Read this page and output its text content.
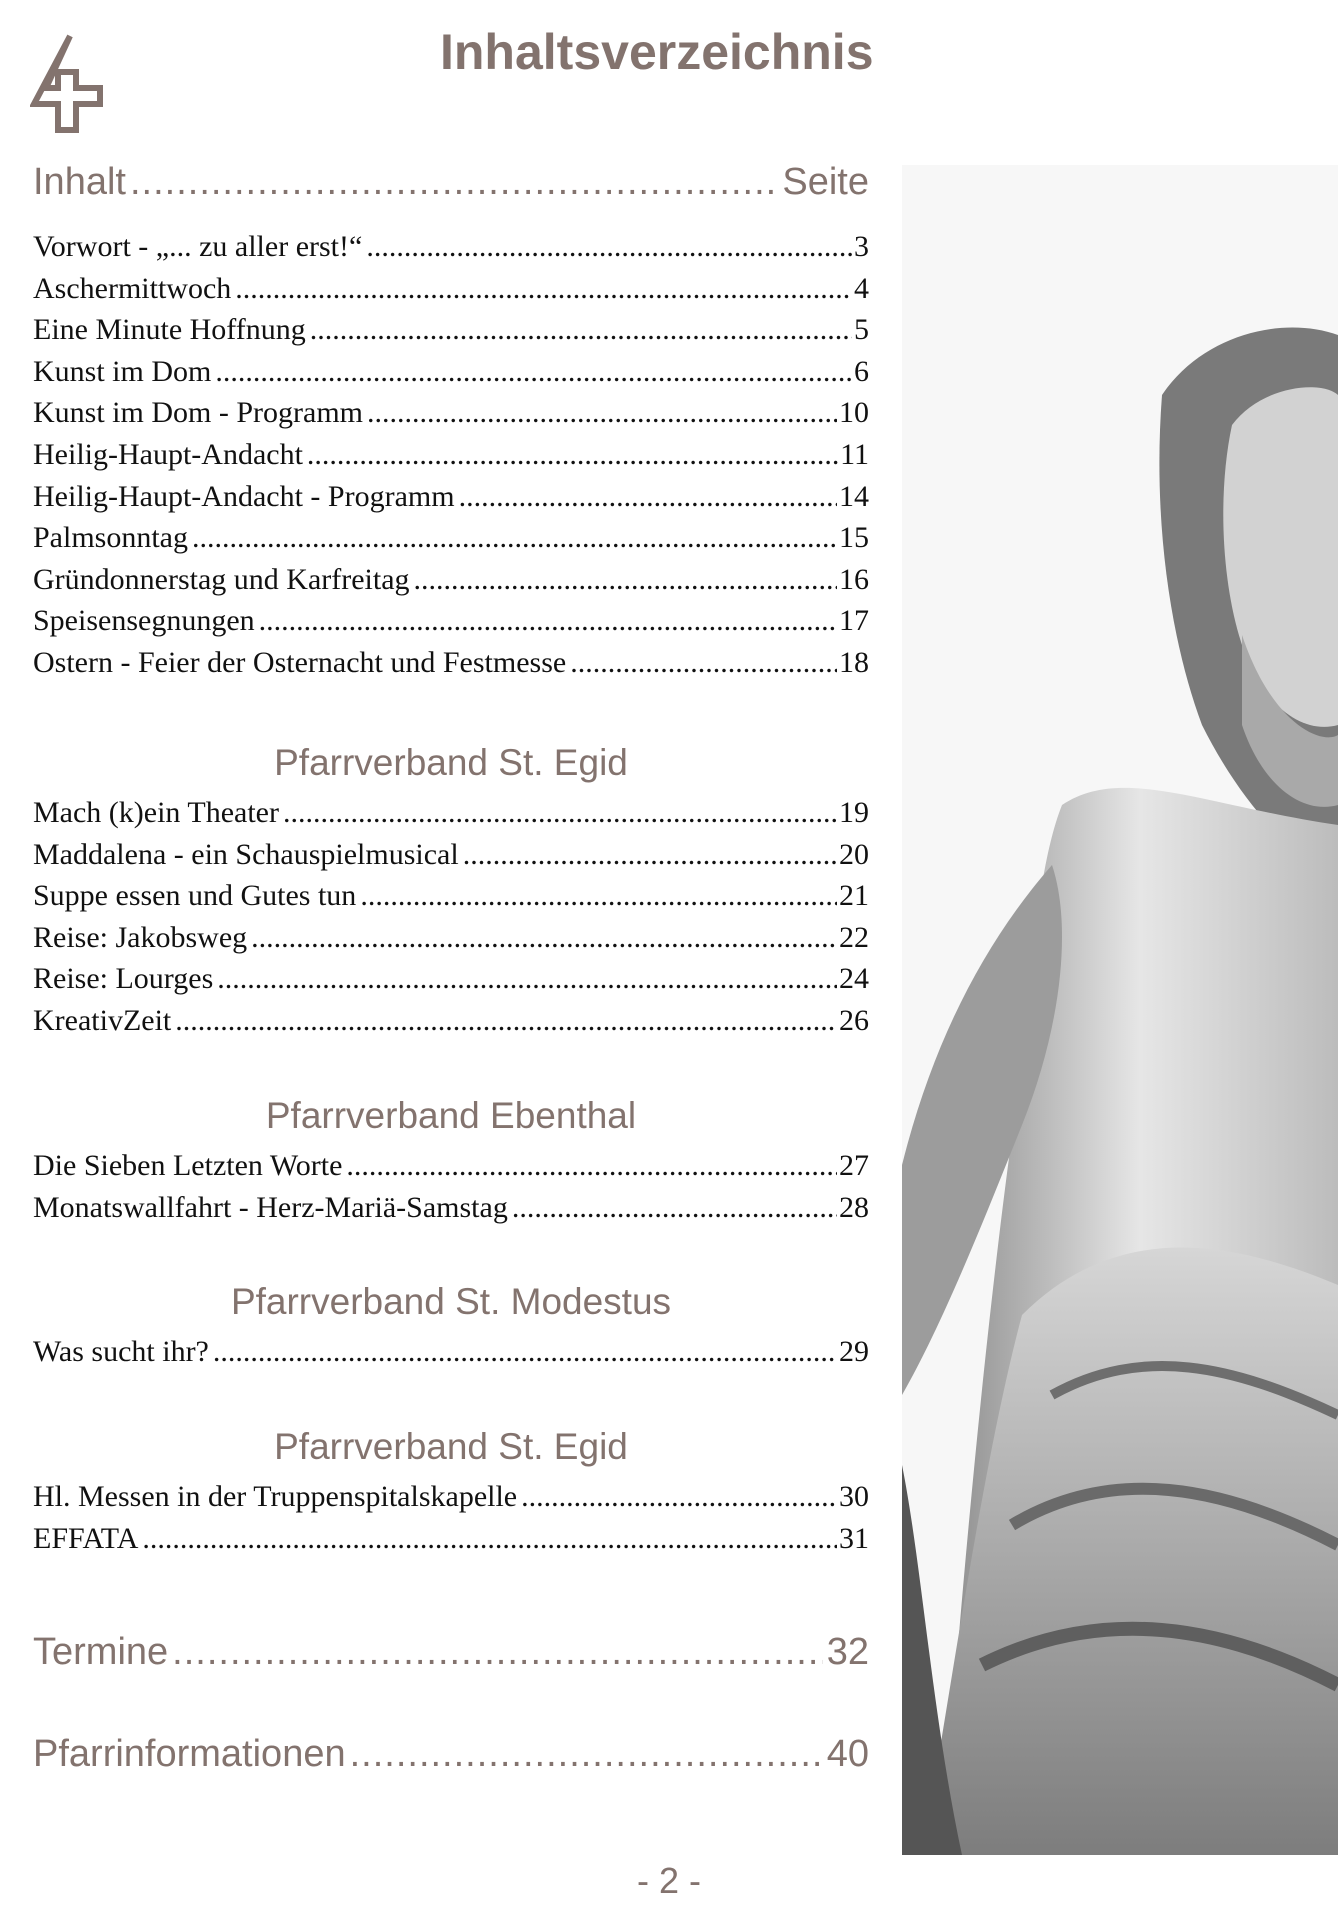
Inhaltsverzeichnis
Inhalt .....	Seite
Vorwort - „... zu aller erst!“ .....	3
Aschermittwoch .....	4
Eine Minute Hoffnung .....	5
Kunst im Dom .....	6
Kunst im Dom - Programm .....	10
Heilig-Haupt-Andacht .....	11
Heilig-Haupt-Andacht - Programm .....	14
Palmsonntag .....	15
Gründonnerstag und Karfreitag .....	16
Speisensegnungen .....	17
Ostern - Feier der Osternacht und Festmesse .....	18
Pfarrverband St. Egid
Mach (k)ein Theater .....	19
Maddalena - ein Schauspielmusical .....	20
Suppe essen und Gutes tun .....	21
Reise: Jakobsweg .....	22
Reise: Lourges .....	24
KreativZeit .....	26
Pfarrverband Ebenthal
Die Sieben Letzten Worte .....	27
Monatswallfahrt - Herz-Mariä-Samstag .....	28
Pfarrverband St. Modestus
Was sucht ihr? .....	29
Pfarrverband St. Egid
Hl. Messen in der Truppenspitalskapelle .....	30
EFFATA .....	31
Termine .....	32
Pfarrinformationen .....	40
- 2 -
